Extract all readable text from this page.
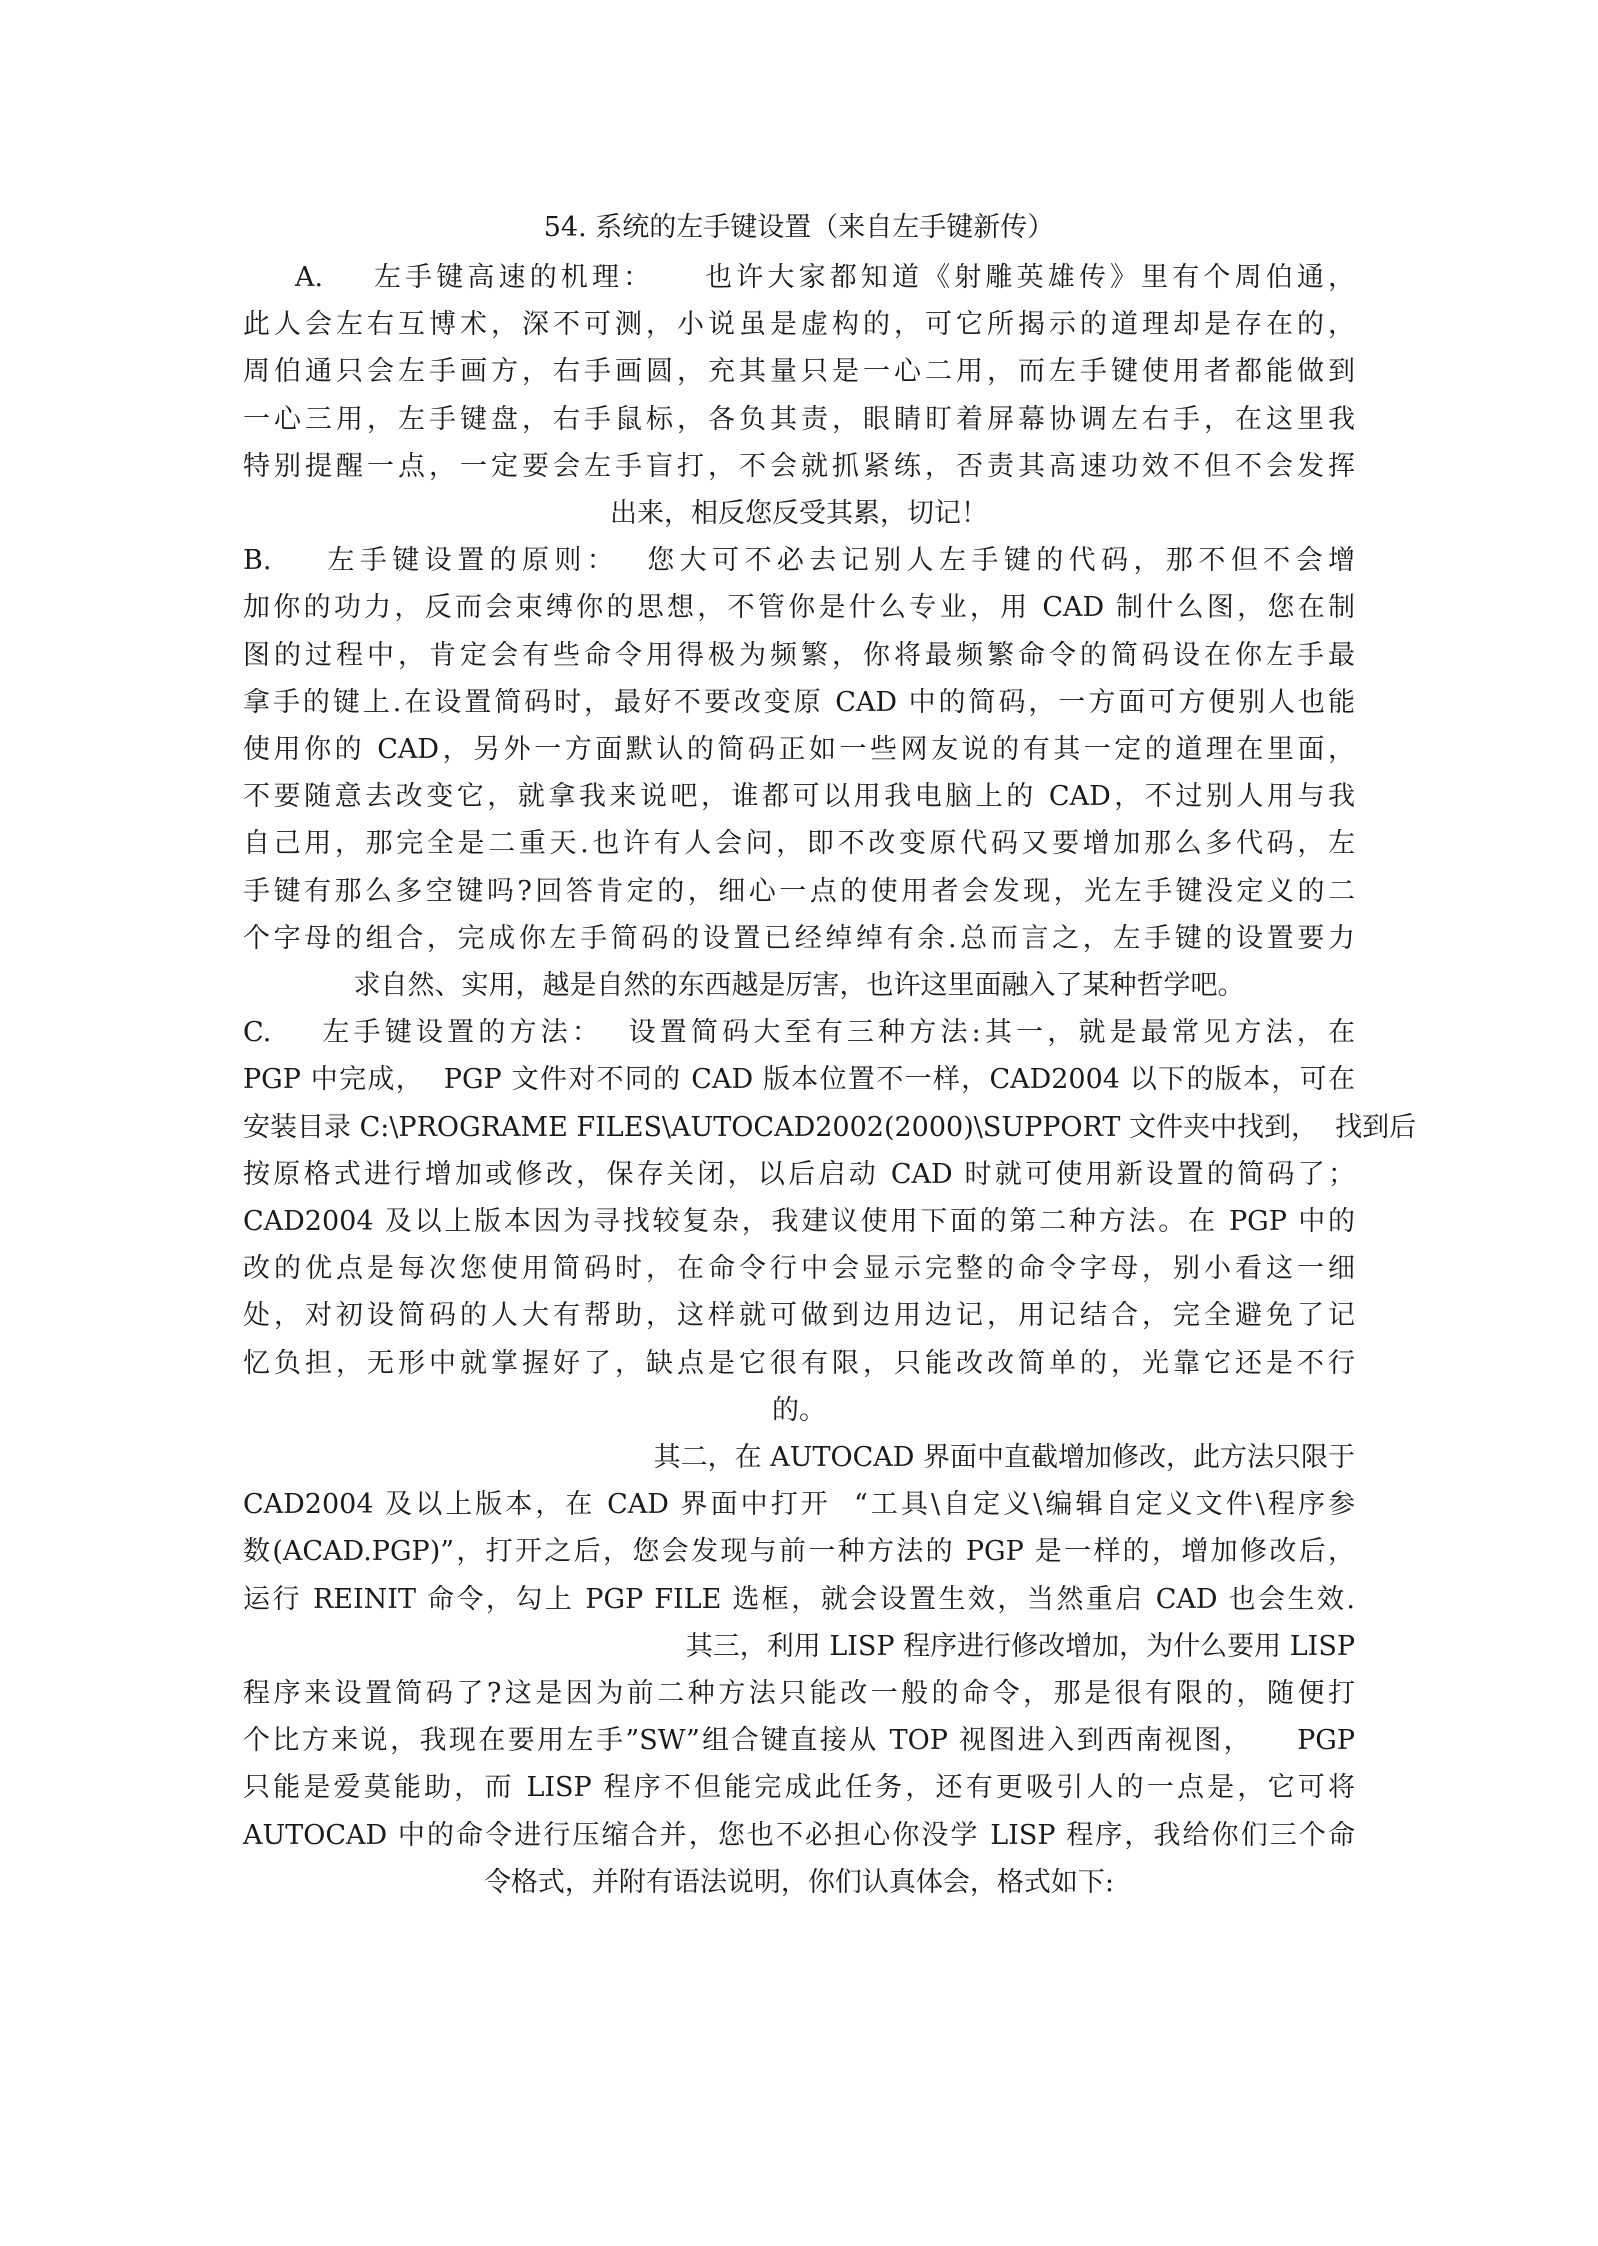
54. 系统的左手键设置（来自左手键新传）
A.    左手键高速的机理：    也许大家都知道《射雕英雄传》里有个周伯通，
此人会左右互博术，深不可测，小说虽是虚构的，可它所揭示的道理却是存在的，
周伯通只会左手画方，右手画圆，充其量只是一心二用，而左手键使用者都能做到
一心三用，左手键盘，右手鼠标，各负其责，眼睛盯着屏幕协调左右手，在这里我
特别提醒一点，一定要会左手盲打，不会就抓紧练，否责其高速功效不但不会发挥
出来，相反您反受其累，切记！
B.    左手键设置的原则：  您大可不必去记别人左手键的代码，那不但不会增
加你的功力，反而会束缚你的思想，不管你是什么专业，用 CAD 制什么图，您在制
图的过程中，肯定会有些命令用得极为频繁，你将最频繁命令的简码设在你左手最
拿手的键上.在设置简码时，最好不要改变原 CAD 中的简码，一方面可方便别人也能
使用你的 CAD，另外一方面默认的简码正如一些网友说的有其一定的道理在里面，
不要随意去改变它，就拿我来说吧，谁都可以用我电脑上的 CAD，不过别人用与我
自己用，那完全是二重天.也许有人会问，即不改变原代码又要增加那么多代码，左
手键有那么多空键吗?回答肯定的，细心一点的使用者会发现，光左手键没定义的二
个字母的组合，完成你左手简码的设置已经绰绰有余.总而言之，左手键的设置要力
求自然、实用，越是自然的东西越是厉害，也许这里面融入了某种哲学吧。
C.    左手键设置的方法：  设置简码大至有三种方法:其一，就是最常见方法，在
PGP 中完成，  PGP 文件对不同的 CAD 版本位置不一样，CAD2004 以下的版本，可在
安装目录 C:\PROGRAME FILES\AUTOCAD2002(2000)\SUPPORT 文件夹中找到，  找到后
按原格式进行增加或修改，保存关闭，以后启动 CAD 时就可使用新设置的简码了；
CAD2004 及以上版本因为寻找较复杂，我建议使用下面的第二种方法。在 PGP 中的
改的优点是每次您使用简码时，在命令行中会显示完整的命令字母，别小看这一细
处，对初设简码的人大有帮助，这样就可做到边用边记，用记结合，完全避免了记
忆负担，无形中就掌握好了，缺点是它很有限，只能改改简单的，光靠它还是不行
的。
其二，在 AUTOCAD 界面中直截增加修改，此方法只限于
CAD2004 及以上版本，在 CAD 界面中打开  “工具\自定义\编辑自定义文件\程序参
数(ACAD.PGP)”，打开之后，您会发现与前一种方法的 PGP 是一样的，增加修改后，
运行 REINIT 命令，勾上 PGP FILE 选框，就会设置生效，当然重启 CAD 也会生效.
其三，利用 LISP 程序进行修改增加，为什么要用 LISP
程序来设置简码了?这是因为前二种方法只能改一般的命令，那是很有限的，随便打
个比方来说，我现在要用左手”SW”组合键直接从 TOP 视图进入到西南视图，    PGP
只能是爱莫能助，而 LISP 程序不但能完成此任务，还有更吸引人的一点是，它可将
AUTOCAD 中的命令进行压缩合并，您也不必担心你没学 LISP 程序，我给你们三个命
令格式，并附有语法说明，你们认真体会，格式如下:
